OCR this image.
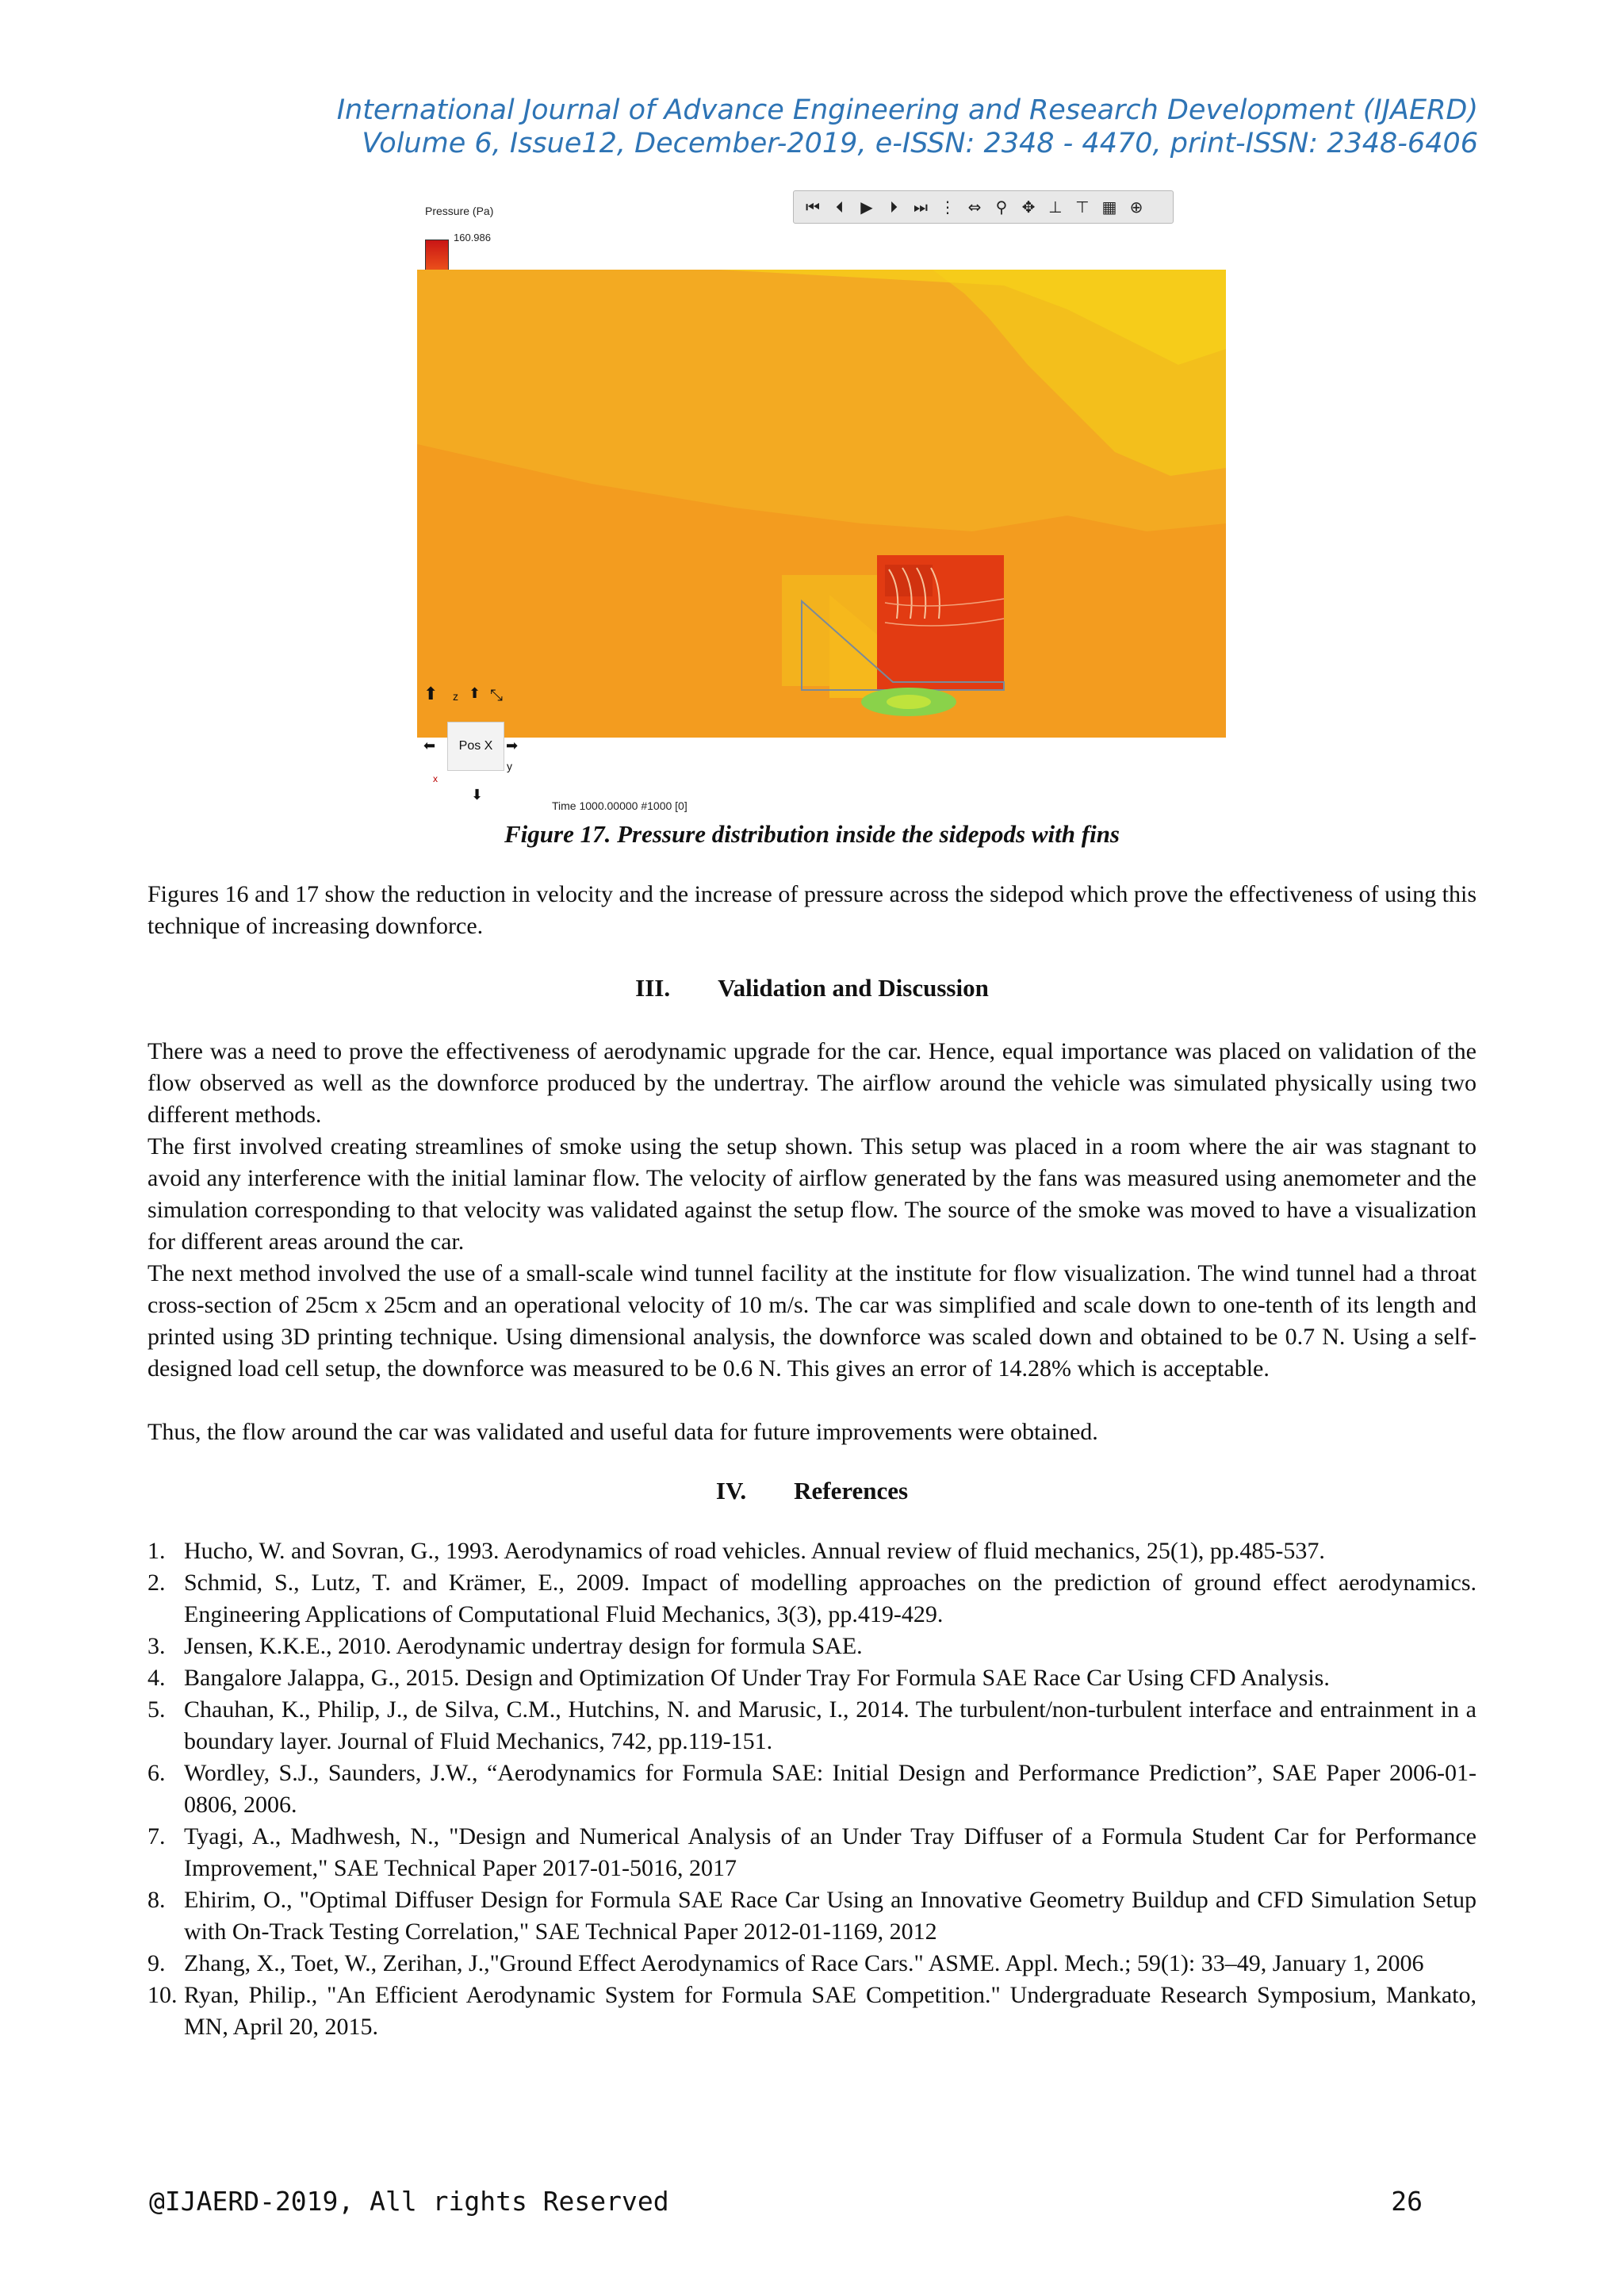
International Journal of Advance Engineering and Research Development (IJAERD)
Volume 6, Issue12, December-2019, e-ISSN: 2348 - 4470, print-ISSN: 2348-6406
Pressure (Pa)
160.986
⏮	⏴	▶	⏵	⏭ ⋮ ⇔ ⚲ ✥ ⊥ ⊤ ▦ ⊕
⬆ z ⬆ ⤡
⬅	Pos X ➡
x
y
⬇
Time 1000.00000 #1000 [0]
Figure 17. Pressure distribution inside the sidepods with fins

Figures 16 and 17 show the reduction in velocity and the increase of pressure across the sidepod which prove the effectiveness of using this technique of increasing downforce.

III. Validation and Discussion

There was a need to prove the effectiveness of aerodynamic upgrade for the car. Hence, equal importance was placed on validation of the flow observed as well as the downforce produced by the undertray. The airflow around the vehicle was simulated physically using two different methods.

The first involved creating streamlines of smoke using the setup shown. This setup was placed in a room where the air was stagnant to avoid any interference with the initial laminar flow. The velocity of airflow generated by the fans was measured using anemometer and the simulation corresponding to that velocity was validated against the setup flow. The source of the smoke was moved to have a visualization for different areas around the car.

The next method involved the use of a small-scale wind tunnel facility at the institute for flow visualization. The wind tunnel had a throat cross-section of 25cm x 25cm and an operational velocity of 10 m/s. The car was simplified and scale down to one-tenth of its length and printed using 3D printing technique. Using dimensional analysis, the downforce was scaled down and obtained to be 0.7 N. Using a self-designed load cell setup, the downforce was measured to be 0.6 N. This gives an error of 14.28% which is acceptable.

Thus, the flow around the car was validated and useful data for future improvements were obtained.

IV. References
1. Hucho, W. and Sovran, G., 1993. Aerodynamics of road vehicles. Annual review of fluid mechanics, 25(1), pp.485-537.
2. Schmid, S., Lutz, T. and Krämer, E., 2009. Impact of modelling approaches on the prediction of ground effect aerodynamics. Engineering Applications of Computational Fluid Mechanics, 3(3), pp.419-429.
3. Jensen, K.K.E., 2010. Aerodynamic undertray design for formula SAE.
4. Bangalore Jalappa, G., 2015. Design and Optimization Of Under Tray For Formula SAE Race Car Using CFD Analysis.
5. Chauhan, K., Philip, J., de Silva, C.M., Hutchins, N. and Marusic, I., 2014. The turbulent/non-turbulent interface and entrainment in a boundary layer. Journal of Fluid Mechanics, 742, pp.119-151.
6. Wordley, S.J., Saunders, J.W., “Aerodynamics for Formula SAE: Initial Design and Performance Prediction”, SAE Paper 2006-01-0806, 2006.
7. Tyagi, A., Madhwesh, N., "Design and Numerical Analysis of an Under Tray Diffuser of a Formula Student Car for Performance Improvement," SAE Technical Paper 2017-01-5016, 2017
8. Ehirim, O., "Optimal Diffuser Design for Formula SAE Race Car Using an Innovative Geometry Buildup and CFD Simulation Setup with On-Track Testing Correlation," SAE Technical Paper 2012-01-1169, 2012
9. Zhang, X., Toet, W., Zerihan, J.,"Ground Effect Aerodynamics of Race Cars." ASME. Appl. Mech.; 59(1): 33–49, January 1, 2006
10. Ryan, Philip., "An Efficient Aerodynamic System for Formula SAE Competition." Undergraduate Research Symposium, Mankato, MN, April 20, 2015.
@IJAERD-2019, All rights Reserved	26
